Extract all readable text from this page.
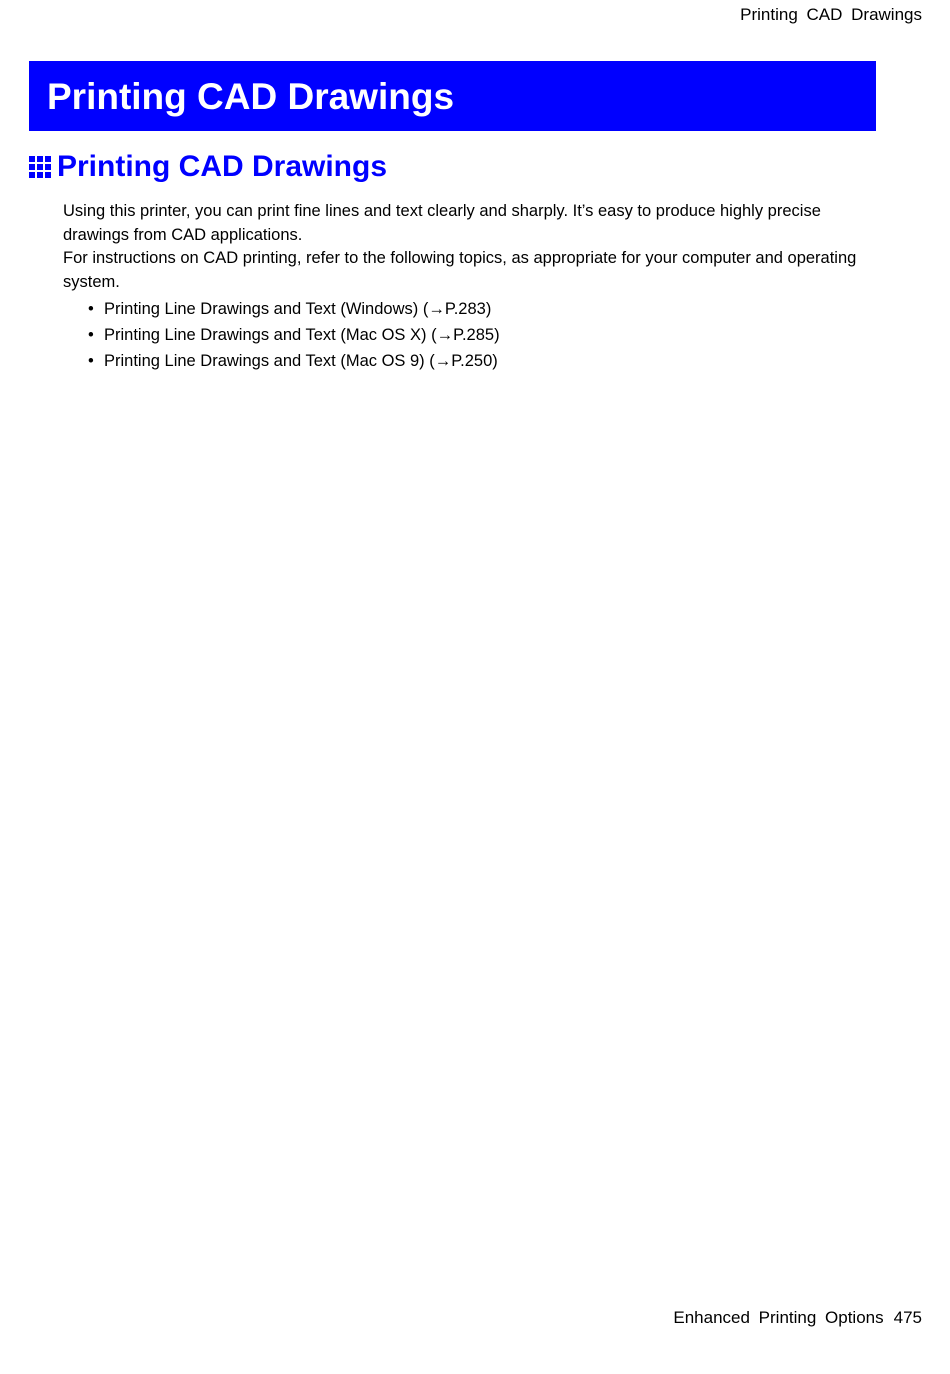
Printing CAD Drawings
Printing CAD Drawings
Printing CAD Drawings

Using this printer, you can print fine lines and text clearly and sharply. It’s easy to produce highly precise drawings from CAD applications.

For instructions on CAD printing, refer to the following topics, as appropriate for your computer and operating system.

• Printing Line Drawings and Text (Windows) (→P.283)
• Printing Line Drawings and Text (Mac OS X) (→P.285)
• Printing Line Drawings and Text (Mac OS 9) (→P.250)
Enhanced Printing Options 475
